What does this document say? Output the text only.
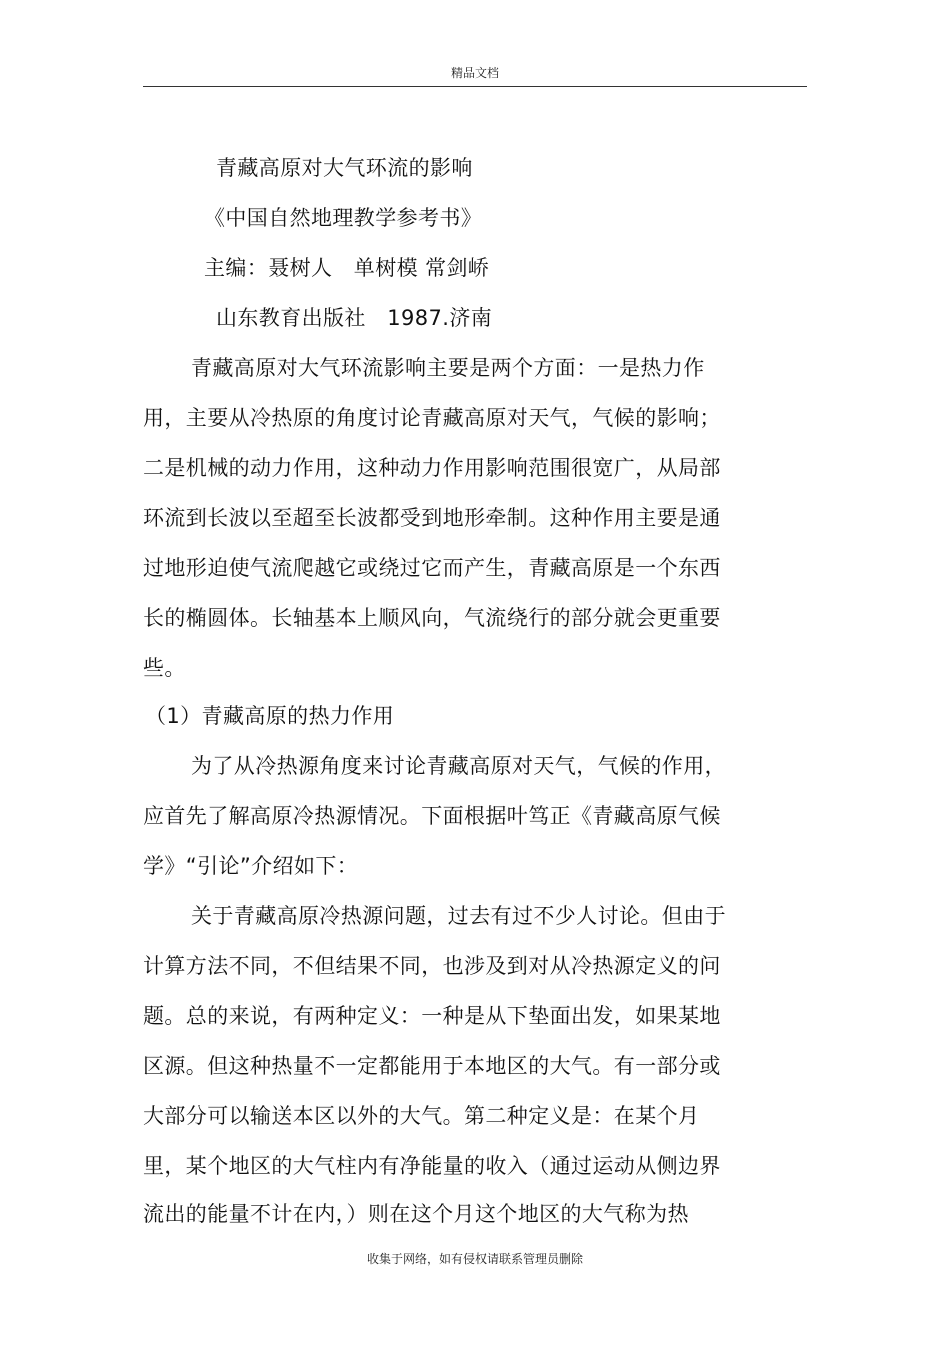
精品文档
青藏高原对大气环流的影响
《中国自然地理教学参考书》
主编：聂树人　单树模 常剑峤
山东教育出版社　1987.济南
青藏高原对大气环流影响主要是两个方面：一是热力作
用，主要从冷热原的角度讨论青藏高原对天气，气候的影响；
二是机械的动力作用，这种动力作用影响范围很宽广，从局部
环流到长波以至超至长波都受到地形牵制。这种作用主要是通
过地形迫使气流爬越它或绕过它而产生，青藏高原是一个东西
长的椭圆体。长轴基本上顺风向，气流绕行的部分就会更重要
些。
（1）青藏高原的热力作用
为了从冷热源角度来讨论青藏高原对天气，气候的作用，
应首先了解高原冷热源情况。下面根据叶笃正《青藏高原气候
学》“引论”介绍如下：
关于青藏高原冷热源问题，过去有过不少人讨论。但由于
计算方法不同，不但结果不同，也涉及到对从冷热源定义的问
题。总的来说，有两种定义：一种是从下垫面出发，如果某地
区源。但这种热量不一定都能用于本地区的大气。有一部分或
大部分可以输送本区以外的大气。第二种定义是：在某个月
里，某个地区的大气柱内有净能量的收入（通过运动从侧边界
流出的能量不计在内，）则在这个月这个地区的大气称为热
收集于网络，如有侵权请联系管理员删除
